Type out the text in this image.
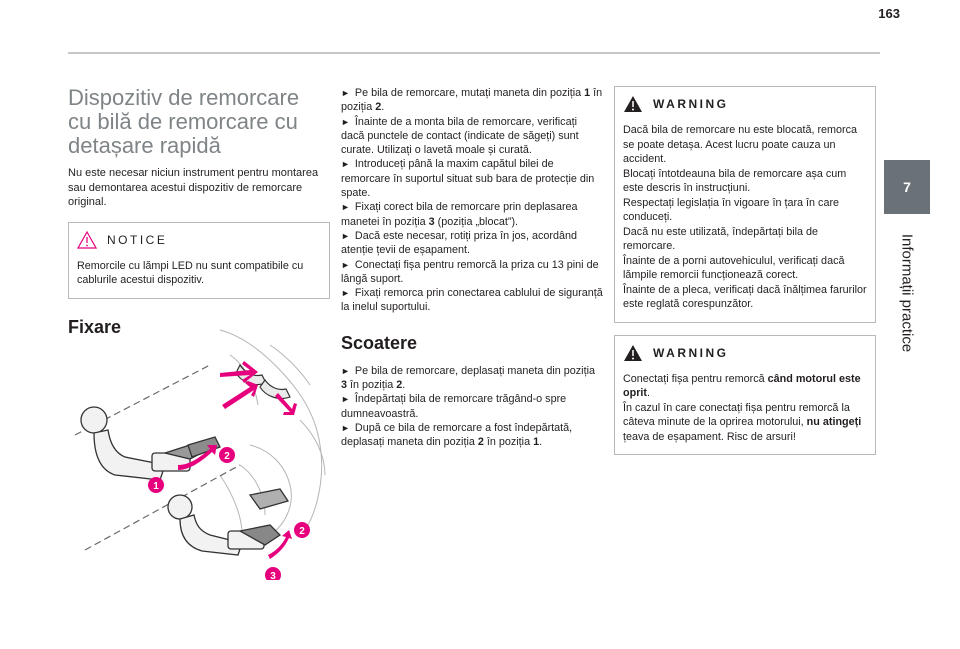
163
7
Informații practice
Dispozitiv de remorcare
cu bilă de remorcare cu
detașare rapidă

Nu este necesar niciun instrument pentru montarea sau demontarea acestui dispozitiv de remorcare original.

NOTICE

Remorcile cu lămpi LED nu sunt compatibile cu cablurile acestui dispozitiv.

Fixare
2
1
2
3

► Pe bila de remorcare, mutați maneta din poziția 1 în poziția 2.

► Înainte de a monta bila de remorcare, verificați dacă punctele de contact (indicate de săgeți) sunt curate. Utilizați o lavetă moale și curată.

► Introduceți până la maxim capătul bilei de remorcare în suportul situat sub bara de protecție din spate.

► Fixați corect bila de remorcare prin deplasarea manetei în poziția 3 (poziția „blocat”).

► Dacă este necesar, rotiți priza în jos, acordând atenție țevii de eșapament.

► Conectați fișa pentru remorcă la priza cu 13 pini de lângă suport.

► Fixați remorca prin conectarea cablului de siguranță la inelul suportului.

Scoatere

► Pe bila de remorcare, deplasați maneta din poziția 3 în poziția 2.

► Îndepărtați bila de remorcare trăgând-o spre dumneavoastră.

► După ce bila de remorcare a fost îndepărtată, deplasați maneta din poziția 2 în poziția 1.

WARNING

Dacă bila de remorcare nu este blocată, remorca se poate detașa. Acest lucru poate cauza un accident.

Blocați întotdeauna bila de remorcare așa cum este descris în instrucțiuni.

Respectați legislația în vigoare în țara în care conduceți.

Dacă nu este utilizată, îndepărtați bila de remorcare.

Înainte de a porni autovehiculul, verificați dacă lămpile remorcii funcționează corect.

Înainte de a pleca, verificați dacă înălțimea farurilor este reglată corespunzător.

WARNING

Conectați fișa pentru remorcă când motorul este oprit.

În cazul în care conectați fișa pentru remorcă la câteva minute de la oprirea motorului, nu atingeți țeava de eșapament. Risc de arsuri!
